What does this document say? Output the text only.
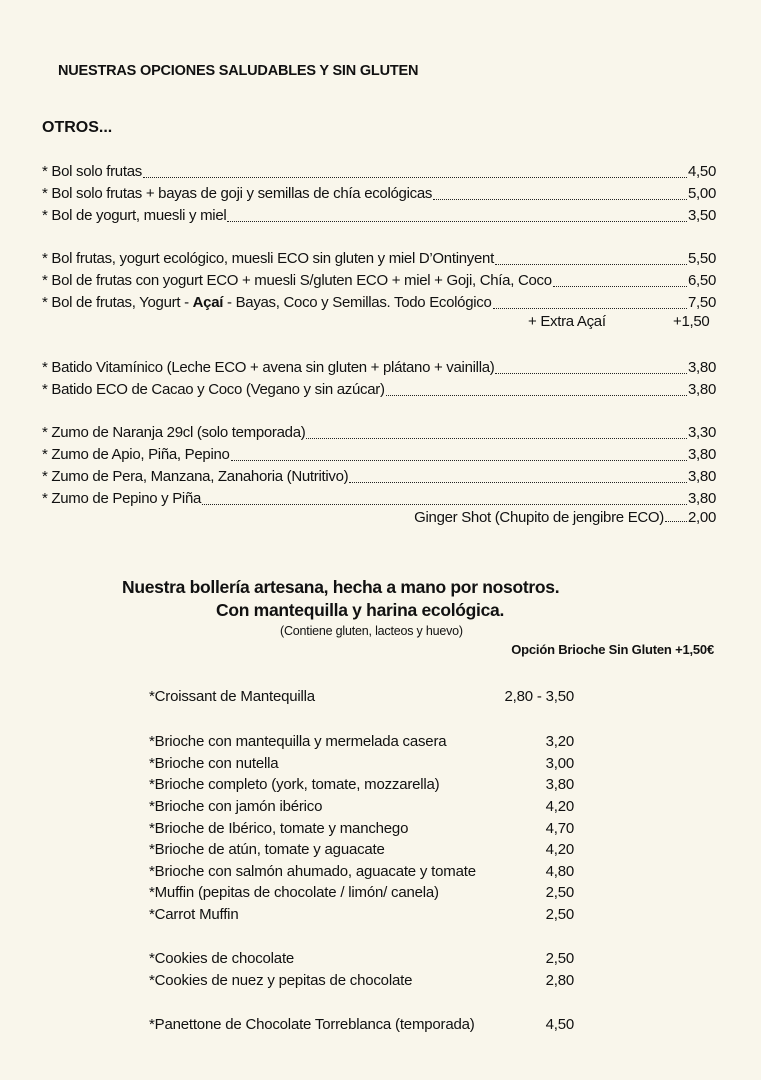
NUESTRAS OPCIONES SALUDABLES Y SIN GLUTEN
OTROS...
* Bol solo frutas	4,50
* Bol solo frutas + bayas de goji y semillas de chía ecológicas	5,00
* Bol de yogurt, muesli y miel	3,50
* Bol frutas, yogurt ecológico, muesli ECO sin gluten y miel D’Ontinyent	5,50
* Bol de frutas con yogurt ECO + muesli S/gluten ECO + miel + Goji, Chía, Coco	6,50
* Bol de frutas, Yogurt - Açaí - Bayas, Coco y Semillas. Todo Ecológico	7,50
+ Extra Açaí	+1,50
* Batido Vitamínico (Leche ECO + avena sin gluten + plátano + vainilla)	3,80
* Batido ECO de Cacao y Coco (Vegano y sin azúcar)	3,80
* Zumo de Naranja 29cl (solo temporada)	3,30
* Zumo de Apio, Piña, Pepino	3,80
* Zumo de Pera, Manzana, Zanahoria (Nutritivo)	3,80
* Zumo de Pepino y Piña	3,80
Ginger Shot (Chupito de jengibre ECO) 2,00
Nuestra bollería artesana, hecha a mano por nosotros.
Con mantequilla y harina ecológica.
(Contiene gluten, lacteos y huevo)
Opción Brioche Sin Gluten +1,50€
*Croissant de Mantequilla	2,80 - 3,50
*Brioche con mantequilla y mermelada casera	3,20
*Brioche con nutella	3,00
*Brioche completo (york, tomate, mozzarella)	3,80
*Brioche con jamón ibérico	4,20
*Brioche de Ibérico, tomate y manchego	4,70
*Brioche de atún, tomate y aguacate	4,20
*Brioche con salmón ahumado, aguacate y tomate	4,80
*Muffin (pepitas de chocolate / limón/ canela)	2,50
*Carrot Muffin	2,50
*Cookies de chocolate	2,50
*Cookies de nuez y pepitas de chocolate	2,80
*Panettone de Chocolate Torreblanca (temporada)	4,50
